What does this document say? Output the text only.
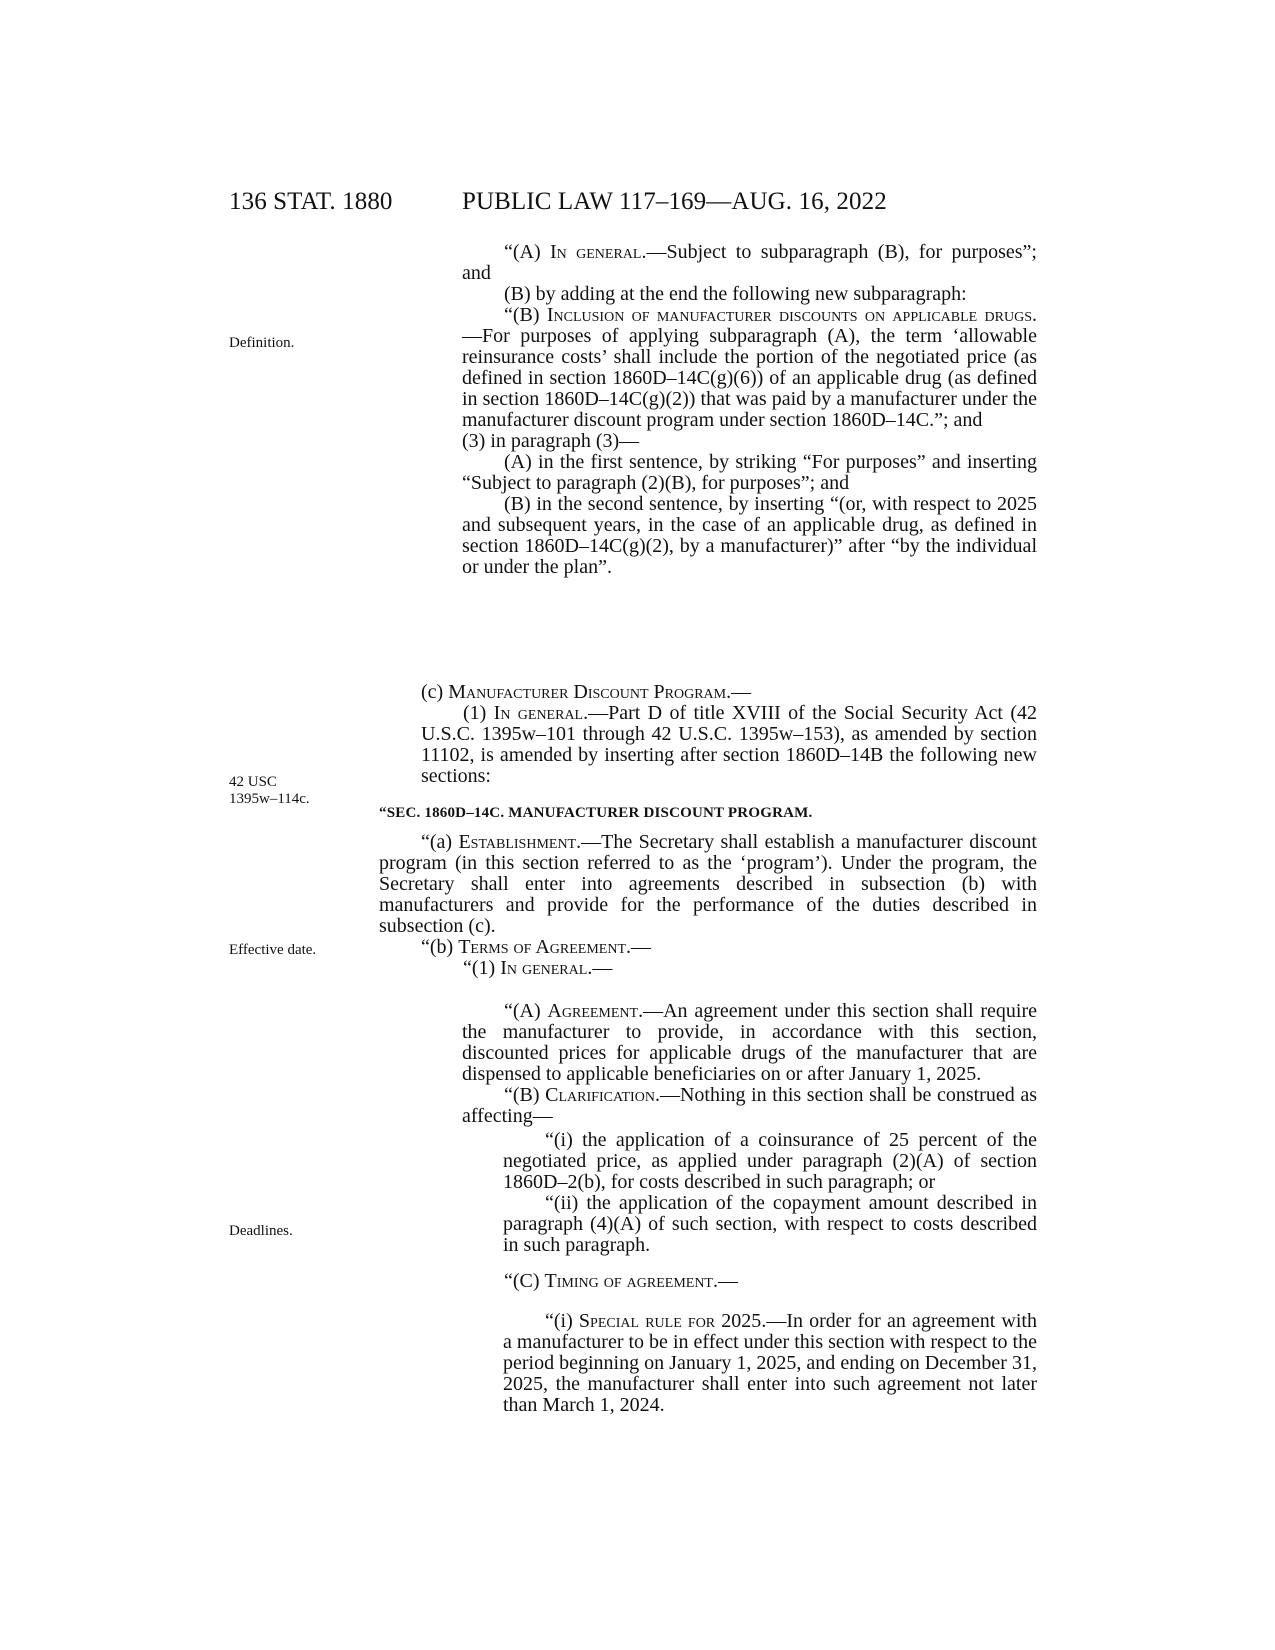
136 STAT. 1880	PUBLIC LAW 117–169—AUG. 16, 2022
Definition.
42 USC
1395w–114c.
Effective date.
Deadlines.

“(A) In general.—Subject to subparagraph (B), for purposes”; and

(B) by adding at the end the following new subparagraph:

“(B) Inclusion of manufacturer discounts on applicable drugs.—For purposes of applying subparagraph (A), the term ‘allowable reinsurance costs’ shall include the portion of the negotiated price (as defined in section 1860D–14C(g)(6)) of an applicable drug (as defined in section 1860D–14C(g)(2)) that was paid by a manufacturer under the manufacturer discount program under section 1860D–14C.”; and

(3) in paragraph (3)—

(A) in the first sentence, by striking “For purposes” and inserting “Subject to paragraph (2)(B), for purposes”; and

(B) in the second sentence, by inserting “(or, with respect to 2025 and subsequent years, in the case of an applicable drug, as defined in section 1860D–14C(g)(2), by a manufacturer)” after “by the individual or under the plan”.

(c) Manufacturer Discount Program.—

(1) In general.—Part D of title XVIII of the Social Security Act (42 U.S.C. 1395w–101 through 42 U.S.C. 1395w–153), as amended by section 11102, is amended by inserting after section 1860D–14B the following new sections:

“SEC. 1860D–14C. MANUFACTURER DISCOUNT PROGRAM.

“(a) Establishment.—The Secretary shall establish a manufacturer discount program (in this section referred to as the ‘program’). Under the program, the Secretary shall enter into agreements described in subsection (b) with manufacturers and provide for the performance of the duties described in subsection (c).

“(b) Terms of Agreement.—

“(1) In general.—

“(A) Agreement.—An agreement under this section shall require the manufacturer to provide, in accordance with this section, discounted prices for applicable drugs of the manufacturer that are dispensed to applicable beneficiaries on or after January 1, 2025.

“(B) Clarification.—Nothing in this section shall be construed as affecting—

“(i) the application of a coinsurance of 25 percent of the negotiated price, as applied under paragraph (2)(A) of section 1860D–2(b), for costs described in such paragraph; or

“(ii) the application of the copayment amount described in paragraph (4)(A) of such section, with respect to costs described in such paragraph.

“(C) Timing of agreement.—

“(i) Special rule for 2025.—In order for an agreement with a manufacturer to be in effect under this section with respect to the period beginning on January 1, 2025, and ending on December 31, 2025, the manufacturer shall enter into such agreement not later than March 1, 2024.
